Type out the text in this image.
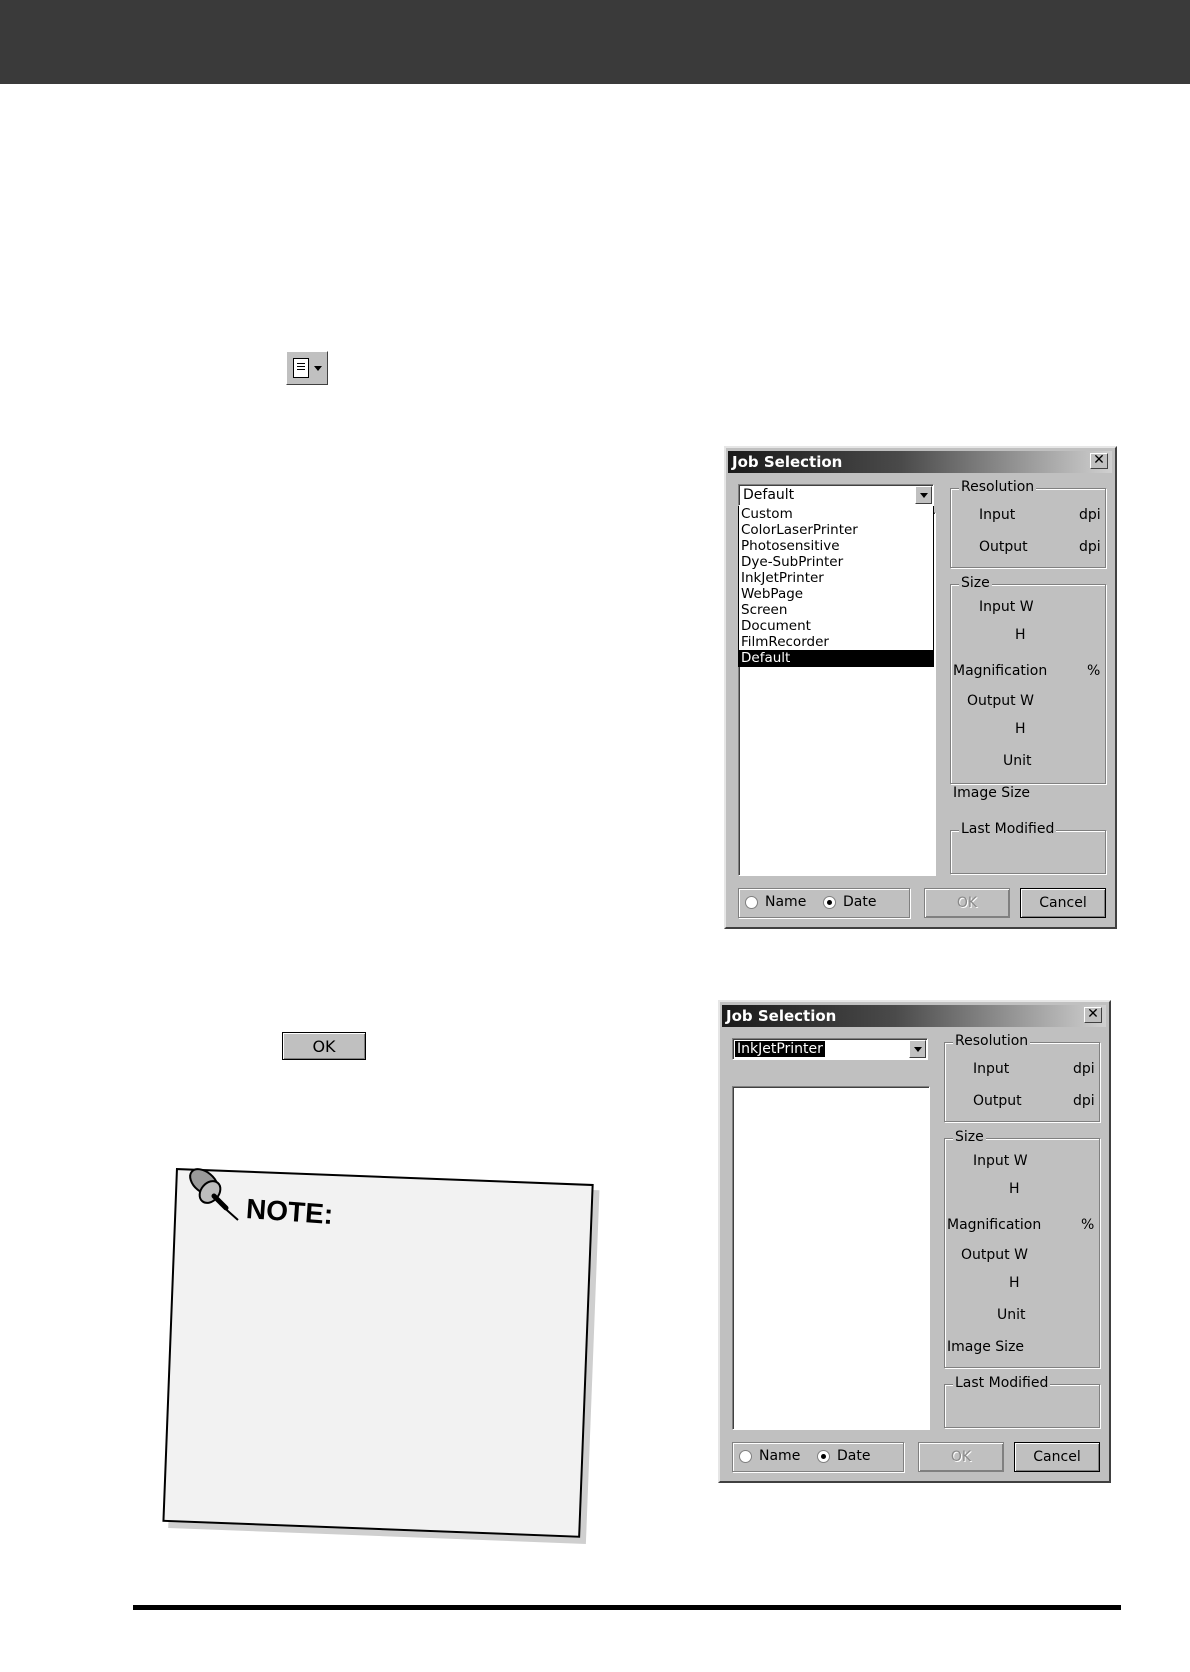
OK
Job Selection	✕
Default
Custom
ColorLaserPrinter
Photosensitive
Dye-SubPrinter
InkJetPrinter
WebPage
Screen
Document
FilmRecorder
Default
Resolution
Input	dpi
Output	dpi
Size
Input W
H
Magnification	%
Output W
H
Unit
Image Size
Last Modified
Name	Date	OK	Cancel
Job Selection	✕
InkJetPrinter	Resolution
Input	dpi
Output	dpi
Size
Input W
H
Magnification	%
Output W
H
Unit
Image Size
Last Modified
Name	Date	OK	Cancel
NOTE:
